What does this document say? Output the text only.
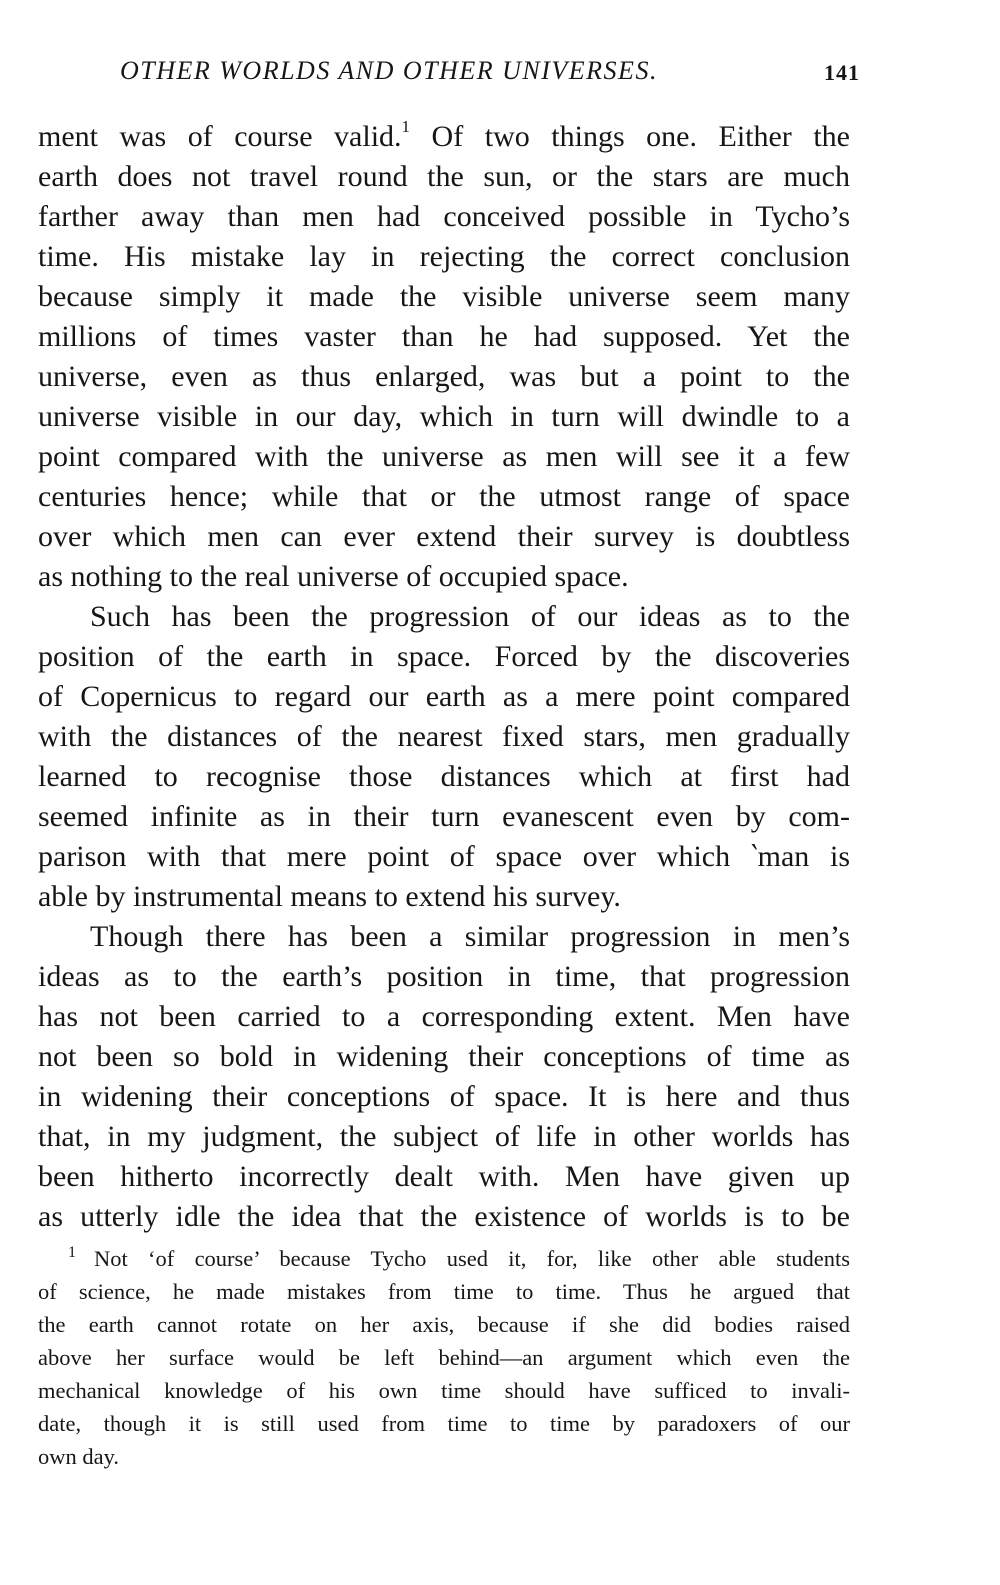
OTHER WORLDS AND OTHER UNIVERSES.	141
ment was of course valid.$^1$ Of two things one. Either the
earth does not travel round the sun, or the stars are much
farther away than men had conceived possible in Tycho’s
time. His mistake lay in rejecting the correct conclusion
because simply it made the visible universe seem many
millions of times vaster than he had supposed. Yet the
universe, even as thus enlarged, was but a point to the
universe visible in our day, which in turn will dwindle to a
point compared with the universe as men will see it a few
centuries hence; while that or the utmost range of space
over which men can ever extend their survey is doubtless
as nothing to the real universe of occupied space.
Such has been the progression of our ideas as to the
position of the earth in space. Forced by the discoveries
of Copernicus to regard our earth as a mere point compared
with the distances of the nearest fixed stars, men gradually
learned to recognise those distances which at first had
seemed infinite as in their turn evanescent even by com-
parison with that mere point of space over which ‵man is
able by instrumental means to extend his survey.
Though there has been a similar progression in men’s
ideas as to the earth’s position in time, that progression
has not been carried to a corresponding extent. Men have
not been so bold in widening their conceptions of time as
in widening their conceptions of space. It is here and thus
that, in my judgment, the subject of life in other worlds has
been hitherto incorrectly dealt with. Men have given up
as utterly idle the idea that the existence of worlds is to be
1 Not ‘of course’ because Tycho used it, for, like other able students
of science, he made mistakes from time to time. Thus he argued that
the earth cannot rotate on her axis, because if she did bodies raised
above her surface would be left behind—an argument which even the
mechanical knowledge of his own time should have sufficed to invali-
date, though it is still used from time to time by paradoxers of our
own day.
